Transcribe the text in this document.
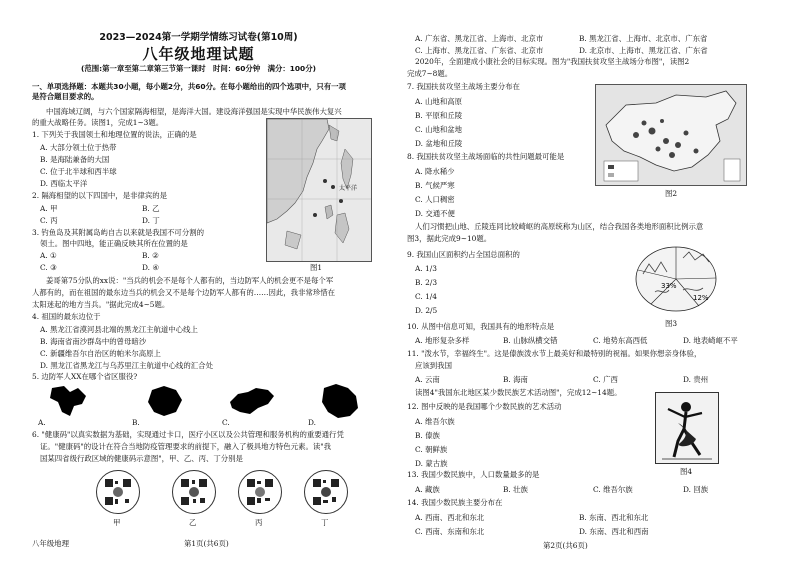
2023—2024第一学期学情练习试卷(第10周)
八年级地理试题
(范围:第一章至第二章第三节第一课时　时间：60分钟　满分：100分)
一、单项选择题：本题共30小题，每小题2分，共60分。在每小题给出的四个选项中，只有一项
是符合题目要求的。
中国海域辽阔，与六个国家隔海相望，是海洋大国。建设海洋强国是实现中华民族伟大复兴
的重大战略任务。读图1，完成1~3题。
1. 下列关于我国领土和地理位置的说法，正确的是
A. 大部分领土位于热带
B. 是海陆兼备的大国
C. 位于北半球和西半球
D. 西临太平洋
2. 隔海相望的以下四国中，是非律宾的是
A. 甲	B. 乙
C. 丙	D. 丁
3. 钓鱼岛及其附属岛屿自古以来就是我国不可分割的
领土。图中四地，能正确反映其所在位置的是
A. ①	B. ②
C. ③	D. ④
太平洋
图1
姜哥第75分队的xx说："当兵的机会不是每个人都有的，当边防军人的机会更不是每个军
人都有的，而在祖国的最东边当兵的机会又不是每个边防军人都有的……因此，我非常珍惜在
太阳迷起的地方当兵。"据此完成4~5题。
4. 祖国的最东边位于
A. 黑龙江省漠河县北端的黑龙江主航道中心线上
B. 海南省南沙群岛中的曾母暗沙
C. 新疆维吾尔自治区的帕米尔高原上
D. 黑龙江省黑龙江与乌苏里江主航道中心线的汇合处
5. 边防军人XX在哪个省区服役?
A.	B.	C.	D.
6. "健康码"以真实数据为基础，实现通过卡口，医疗小区以及公共管理和服务机构的重要通行凭
证。"健康码"的设计在符合当地防疫管理要求的前提下，融入了极具地方特色元素。读"我
国某四省级行政区域的健康码示意图"，甲、乙、丙、丁分别是
甲	乙	丙	丁
八年级地理	第1页(共6页)
A. 广东省、黑龙江省、上海市、北京市	B. 黑龙江省、上海市、北京市、广东省
C. 上海市、黑龙江省、广东省、北京市	D. 北京市、上海市、黑龙江省、广东省
2020年，全面建成小康社会的目标实现。图为"我国扶贫攻坚主战场分布图"，读图2
完成7~8题。
7. 我国扶贫攻坚主战场主要分布在
A. 山地和高原
B. 平原和丘陵
C. 山地和盆地
D. 盆地和丘陵
8. 我国扶贫攻坚主战场面临的共性问题最可能是
A. 降水稀少
B. 气候严寒
C. 人口稠密
D. 交通不便
图2
人们习惯把山地、丘陵连同比较崎岖的高原统称为山区，结合我国各类地形面积比例示意
图3，据此完成9~10题。
9. 我国山区面积约占全国总面积的
A. 1/3
B. 2/3
C. 1/4
D. 2/5
33%
12%
图3
10. 从图中信息可知，我国具有的地形特点是
A. 地形复杂多样	B. 山脉纵横交错	C. 地势东高西低	D. 地表崎岖不平
11. "泼水节，幸福终生"。这是傣族泼水节上最美好和最特别的祝福。如果你想亲身体验，
应该到我国
A. 云南	B. 海南	C. 广西	D. 贵州
读图4"我国东北地区某少数民族艺术活动图"，完成12~14题。
12. 图中反映的是我国哪个少数民族的艺术活动
A. 维吾尔族
B. 傣族
C. 朝鲜族
D. 蒙古族
图4
13. 我国少数民族中，人口数量最多的是
A. 藏族	B. 壮族	C. 维吾尔族	D. 回族
14. 我国少数民族主要分布在
A. 西南、西北和东北	B. 东南、西北和东北
C. 西南、东南和东北	D. 东南、西北和西南
第2页(共6页)
